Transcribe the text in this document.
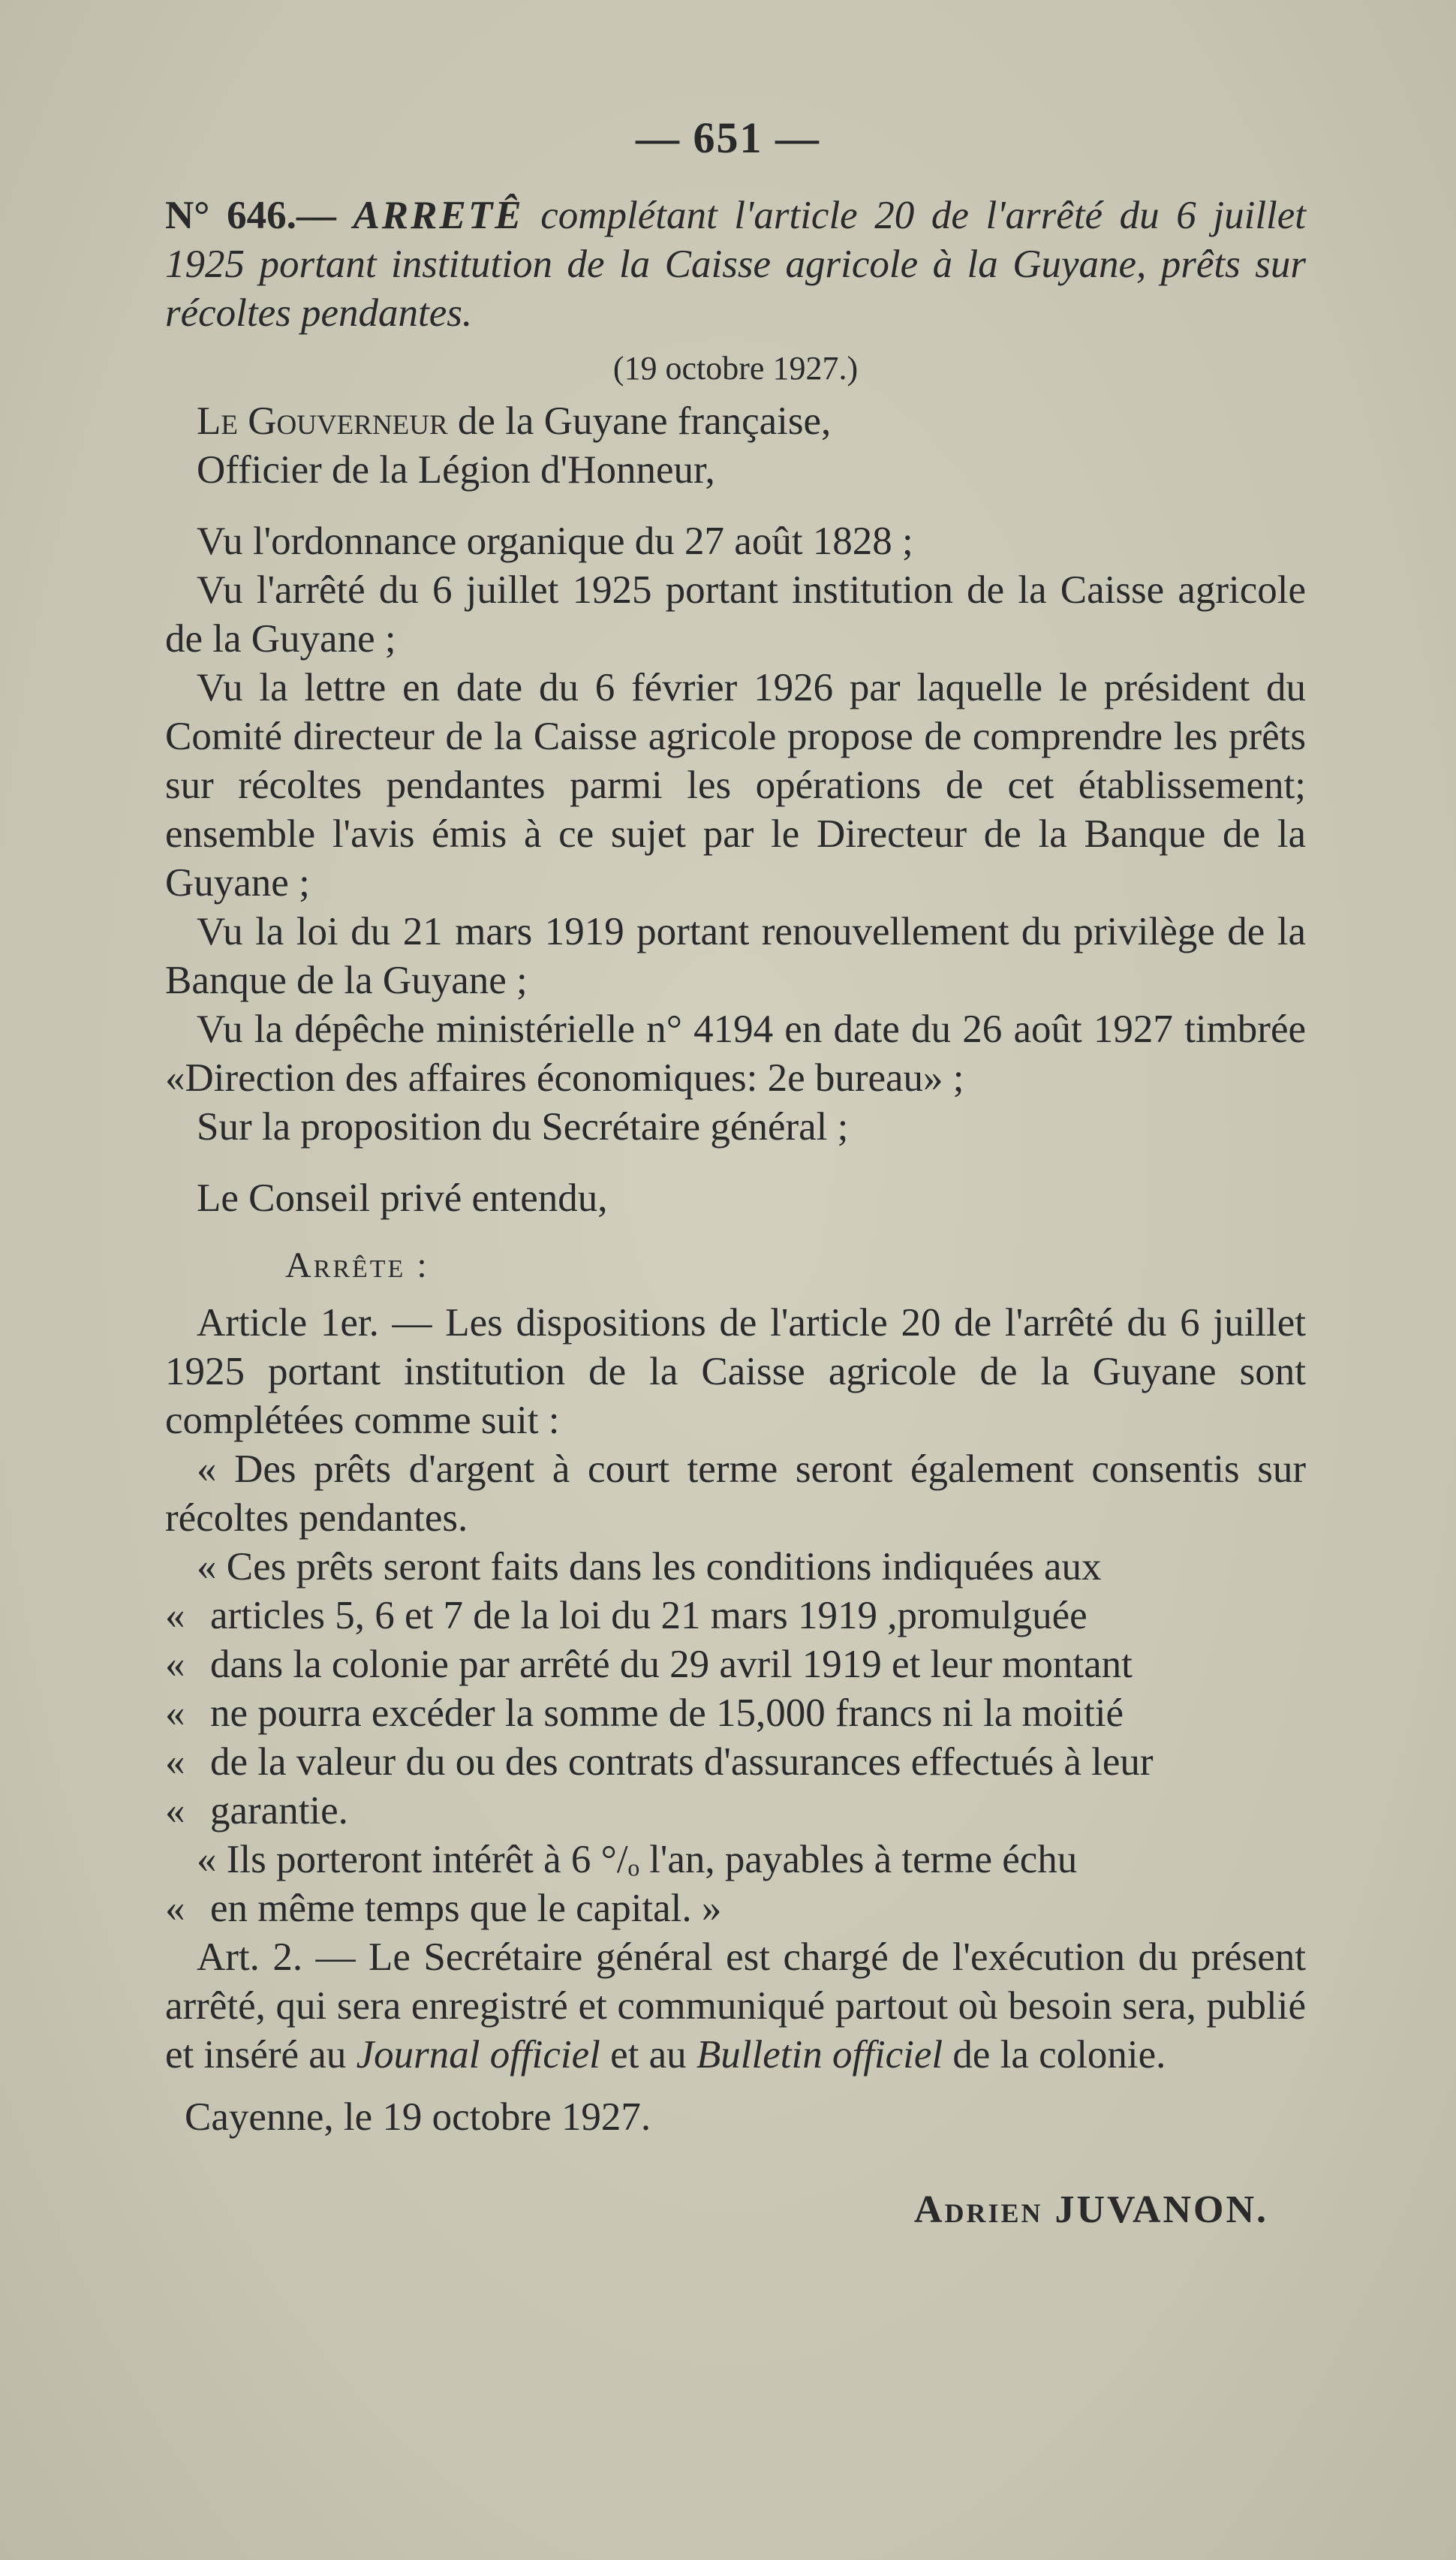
— 651 —

N° 646.— ARRETÊ complétant l'article 20 de l'arrêté du 6 juillet 1925 portant institution de la Caisse agricole à la Guyane, prêts sur récoltes pendantes.

(19 octobre 1927.)

Le Gouverneur de la Guyane française,

Officier de la Légion d'Honneur,

Vu l'ordonnance organique du 27 août 1828 ;

Vu l'arrêté du 6 juillet 1925 portant institution de la Caisse agricole de la Guyane ;

Vu la lettre en date du 6 février 1926 par laquelle le président du Comité directeur de la Caisse agricole propose de comprendre les prêts sur récoltes pendantes parmi les opérations de cet établissement; ensemble l'avis émis à ce sujet par le Directeur de la Banque de la Guyane ;

Vu la loi du 21 mars 1919 portant renouvellement du privilège de la Banque de la Guyane ;

Vu la dépêche ministérielle n° 4194 en date du 26 août 1927 timbrée «Direction des affaires économiques: 2e bureau» ;

Sur la proposition du Secrétaire général ;

Le Conseil privé entendu,

Arrête :

Article 1er. — Les dispositions de l'article 20 de l'arrêté du 6 juillet 1925 portant institution de la Caisse agricole de la Guyane sont complétées comme suit :

« Des prêts d'argent à court terme seront également consentis sur récoltes pendantes.

« Ces prêts seront faits dans les conditions indiquées aux

« articles 5, 6 et 7 de la loi du 21 mars 1919 ,promulguée

« dans la colonie par arrêté du 29 avril 1919 et leur montant

« ne pourra excéder la somme de 15,000 francs ni la moitié

« de la valeur du ou des contrats d'assurances effectués à leur

« garantie.

« Ils porteront intérêt à 6 °/ₒ l'an, payables à terme échu

« en même temps que le capital. »

Art. 2. — Le Secrétaire général est chargé de l'exécution du présent arrêté, qui sera enregistré et communiqué partout où besoin sera, publié et inséré au Journal officiel et au Bulletin officiel de la colonie.

Cayenne, le 19 octobre 1927.

Adrien JUVANON.
